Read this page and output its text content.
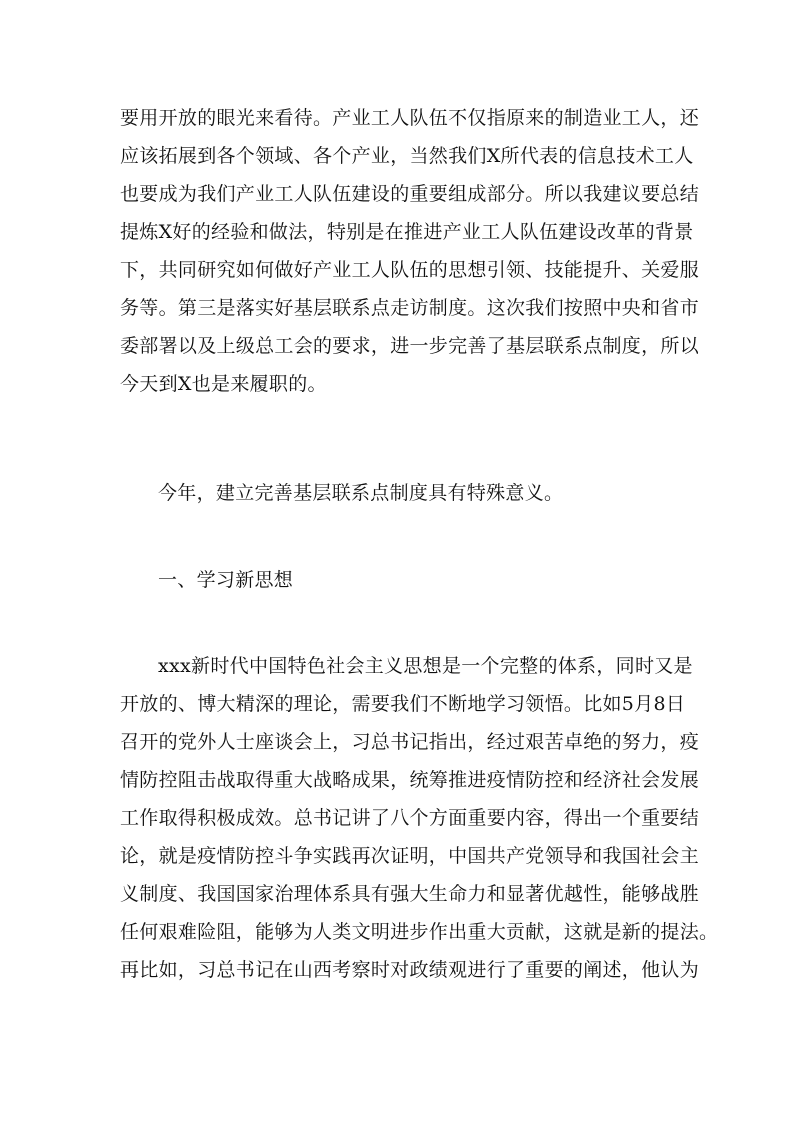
要用开放的眼光来看待。产业工人队伍不仅指原来的制造业工人，还
应该拓展到各个领域、各个产业，当然我们X所代表的信息技术工人
也要成为我们产业工人队伍建设的重要组成部分。所以我建议要总结
提炼X好的经验和做法，特别是在推进产业工人队伍建设改革的背景
下，共同研究如何做好产业工人队伍的思想引领、技能提升、关爱服
务等。第三是落实好基层联系点走访制度。这次我们按照中央和省市
委部署以及上级总工会的要求，进一步完善了基层联系点制度，所以
今天到X也是来履职的。
今年，建立完善基层联系点制度具有特殊意义。
一、学习新思想
xxx新时代中国特色社会主义思想是一个完整的体系，同时又是
开放的、博大精深的理论，需要我们不断地学习领悟。比如5月8日
召开的党外人士座谈会上，习总书记指出，经过艰苦卓绝的努力，疫
情防控阻击战取得重大战略成果，统筹推进疫情防控和经济社会发展
工作取得积极成效。总书记讲了八个方面重要内容，得出一个重要结
论，就是疫情防控斗争实践再次证明，中国共产党领导和我国社会主
义制度、我国国家治理体系具有强大生命力和显著优越性，能够战胜
任何艰难险阻，能够为人类文明进步作出重大贡献，这就是新的提法。
再比如，习总书记在山西考察时对政绩观进行了重要的阐述，他认为
